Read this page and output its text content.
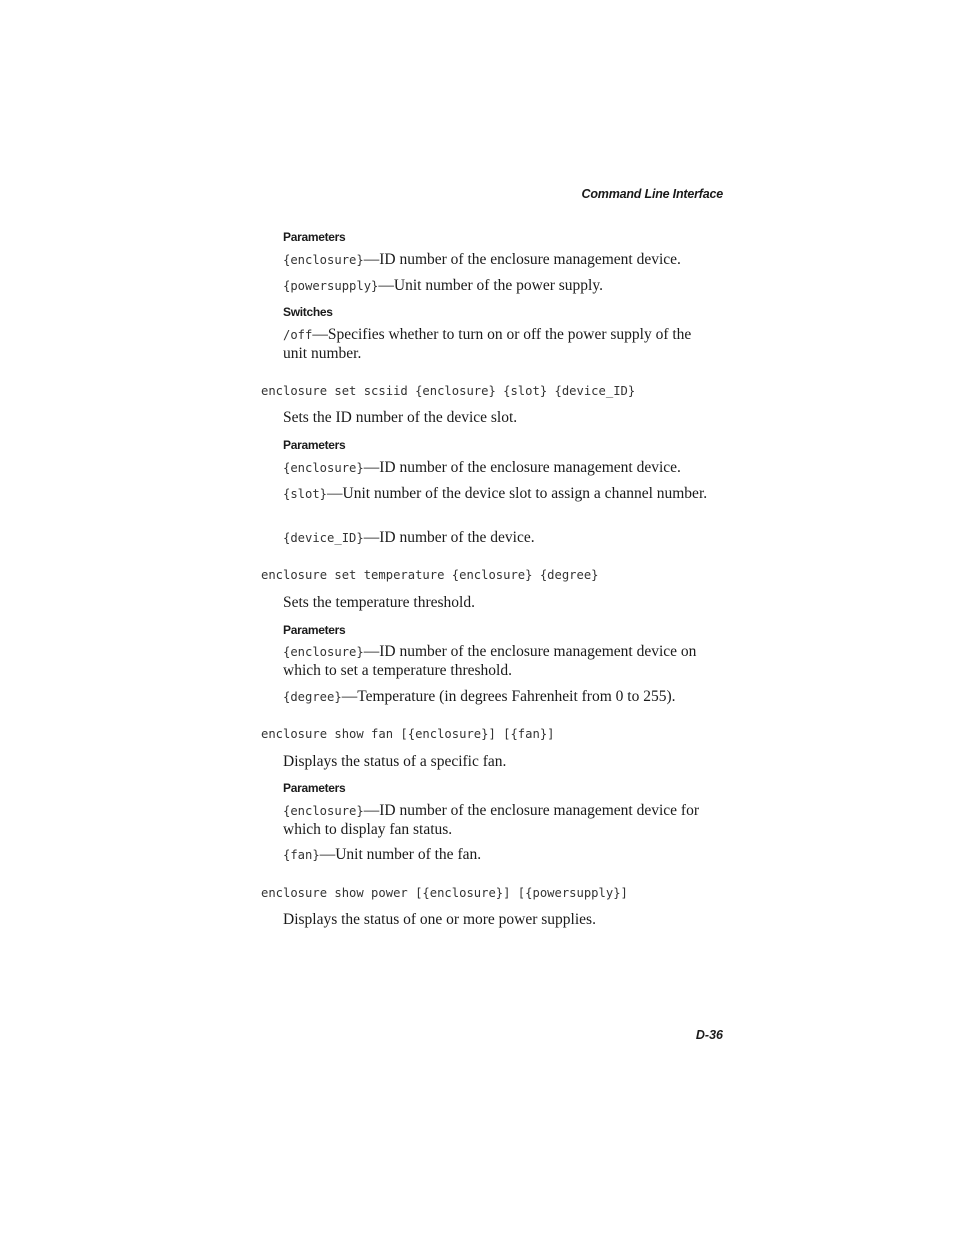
Command Line Interface
Parameters
{enclosure}—ID number of the enclosure management device.
{powersupply}—Unit number of the power supply.
Switches
/off—Specifies whether to turn on or off the power supply of the unit number.
enclosure set scsiid {enclosure} {slot} {device_ID}
Sets the ID number of the device slot.
Parameters
{enclosure}—ID number of the enclosure management device.
{slot}—Unit number of the device slot to assign a channel number.
{device_ID}—ID number of the device.
enclosure set temperature {enclosure} {degree}
Sets the temperature threshold.
Parameters
{enclosure}—ID number of the enclosure management device on which to set a temperature threshold.
{degree}—Temperature (in degrees Fahrenheit from 0 to 255).
enclosure show fan [{enclosure}] [{fan}]
Displays the status of a specific fan.
Parameters
{enclosure}—ID number of the enclosure management device for which to display fan status.
{fan}—Unit number of the fan.
enclosure show power [{enclosure}] [{powersupply}]
Displays the status of one or more power supplies.
D-36
